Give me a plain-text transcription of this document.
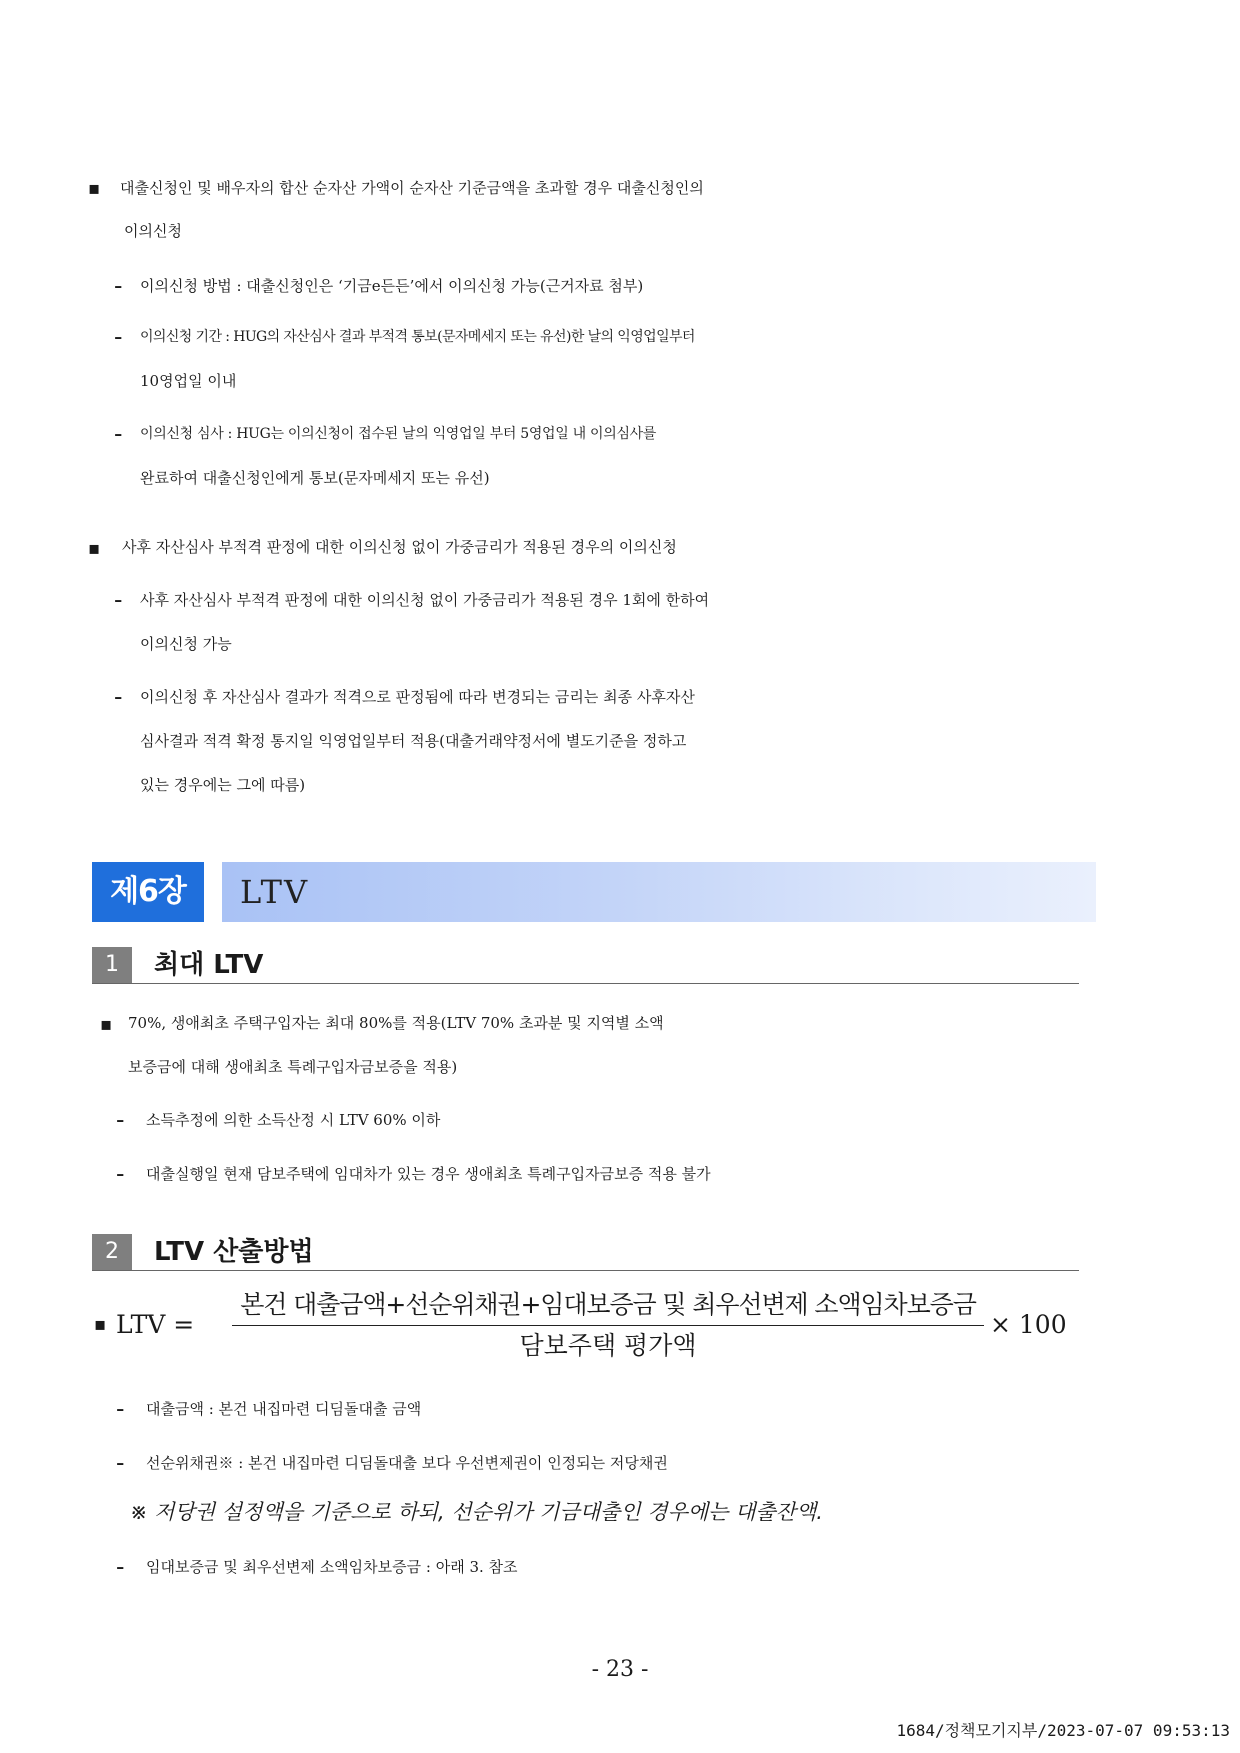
▪ 대출신청인 및 배우자의 합산 순자산 가액이 순자산 기준금액을 초과할 경우 대출신청인의
이의신청
- 이의신청 방법 : 대출신청인은 ‘기금e든든’에서 이의신청 가능(근거자료 첨부)
- 이의신청 기간 : HUG의 자산심사 결과 부적격 통보(문자메세지 또는 유선)한 날의 익영업일부터
10영업일 이내
- 이의신청 심사 : HUG는 이의신청이 접수된 날의 익영업일 부터 5영업일 내 이의심사를
완료하여 대출신청인에게 통보(문자메세지 또는 유선)
▪ 사후 자산심사 부적격 판정에 대한 이의신청 없이 가중금리가 적용된 경우의 이의신청
- 사후 자산심사 부적격 판정에 대한 이의신청 없이 가중금리가 적용된 경우 1회에 한하여
이의신청 가능
- 이의신청 후 자산심사 결과가 적격으로 판정됨에 따라 변경되는 금리는 최종 사후자산
심사결과 적격 확정 통지일 익영업일부터 적용(대출거래약정서에 별도기준을 정하고
있는 경우에는 그에 따름)
제6장	LTV
1	최대 LTV
▪ 70%, 생애최초 주택구입자는 최대 80%를 적용(LTV 70% 초과분 및 지역별 소액
보증금에 대해 생애최초 특례구입자금보증을 적용)
- 소득추정에 의한 소득산정 시 LTV 60% 이하
- 대출실행일 현재 담보주택에 임대차가 있는 경우 생애최초 특례구입자금보증 적용 불가
2	LTV 산출방법
▪ LTV =
본건 대출금액+선순위채권+임대보증금 및 최우선변제 소액임차보증금
담보주택 평가액
× 100
- 대출금액 : 본건 내집마련 디딤돌대출 금액
- 선순위채권※ : 본건 내집마련 디딤돌대출 보다 우선변제권이 인정되는 저당채권
※ 저당권 설정액을 기준으로 하되, 선순위가 기금대출인 경우에는 대출잔액.
- 임대보증금 및 최우선변제 소액임차보증금 : 아래 3. 참조
- 23 -
1684/정책모기지부/2023-07-07 09:53:13
